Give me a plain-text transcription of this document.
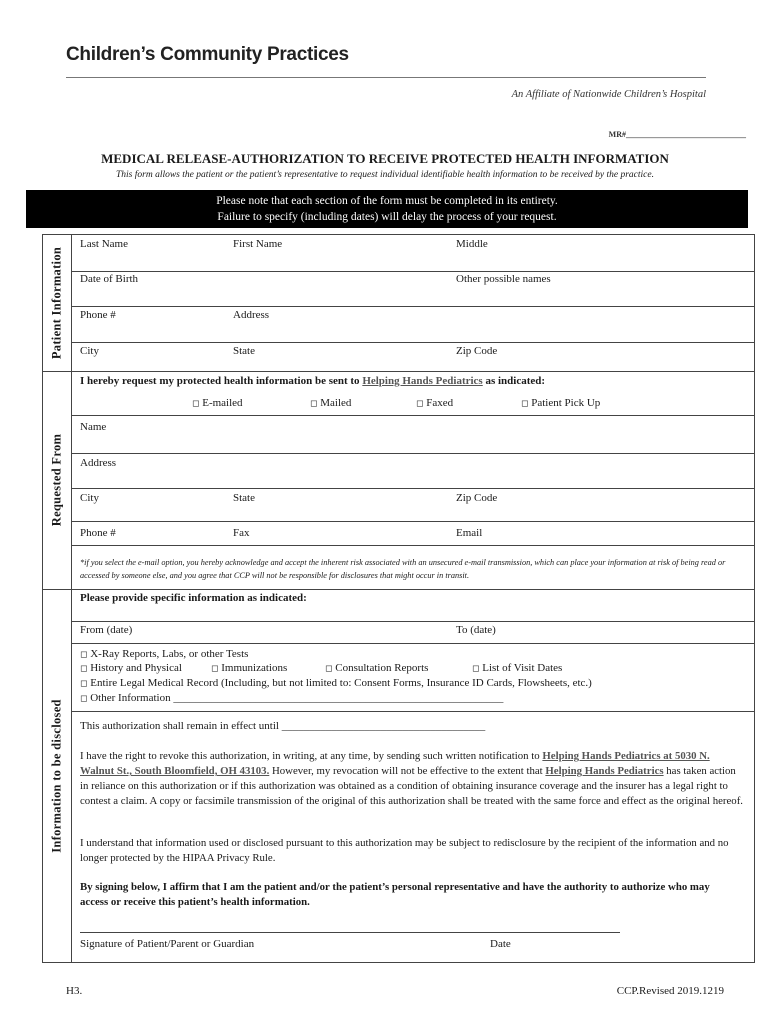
Children’s Community Practices
An Affiliate of Nationwide Children’s Hospital
MR#______________________________
MEDICAL RELEASE-AUTHORIZATION TO RECEIVE PROTECTED HEALTH INFORMATION
This form allows the patient or the patient’s representative to request individual identifiable health information to be received by the practice.
Please note that each section of the form must be completed in its entirety.
Failure to specify (including dates) will delay the process of your request.
Patient Information
Requested From
Information to be disclosed
Last Name	First Name	Middle
Date of Birth	Other possible names
Phone #	Address
City	State	Zip Code
I hereby request my protected health information be sent to Helping Hands Pediatrics as indicated:
◻ E-mailed	◻ Mailed	◻ Faxed	◻ Patient Pick Up
Name
Address
City	State	Zip Code
Phone #	Fax	Email
*if you select the e-mail option, you hereby acknowledge and accept the inherent risk associated with an unsecured e-mail transmission, which can place your information at risk of being read or accessed by someone else, and you agree that CCP will not be responsible for disclosures that might occur in transit.
Please provide specific information as indicated:
From (date)	To (date)
◻ X-Ray Reports, Labs, or other Tests
◻ History and Physical	◻ Immunizations	◻ Consultation Reports	◻ List of Visit Dates
◻ Entire Legal Medical Record (Including, but not limited to: Consent Forms, Insurance ID Cards, Flowsheets, etc.)
◻ Other Information ____________________________________________________________
This authorization shall remain in effect until _____________________________________
I have the right to revoke this authorization, in writing, at any time, by sending such written notification to Helping Hands Pediatrics at 5030 N. Walnut St., South Bloomfield, OH 43103. However, my revocation will not be effective to the extent that Helping Hands Pediatrics has taken action in reliance on this authorization or if this authorization was obtained as a condition of obtaining insurance coverage and the insurer has a legal right to contest a claim. A copy or facsimile transmission of the original of this authorization shall be treated with the same force and effect as the original hereof.
I understand that information used or disclosed pursuant to this authorization may be subject to redisclosure by the recipient of the information and no longer protected by the HIPAA Privacy Rule.
By signing below, I affirm that I am the patient and/or the patient’s personal representative and have the authority to authorize who may access or receive this patient’s health information.
Signature of Patient/Parent or Guardian	Date
H3.	CCP.Revised 2019.1219
